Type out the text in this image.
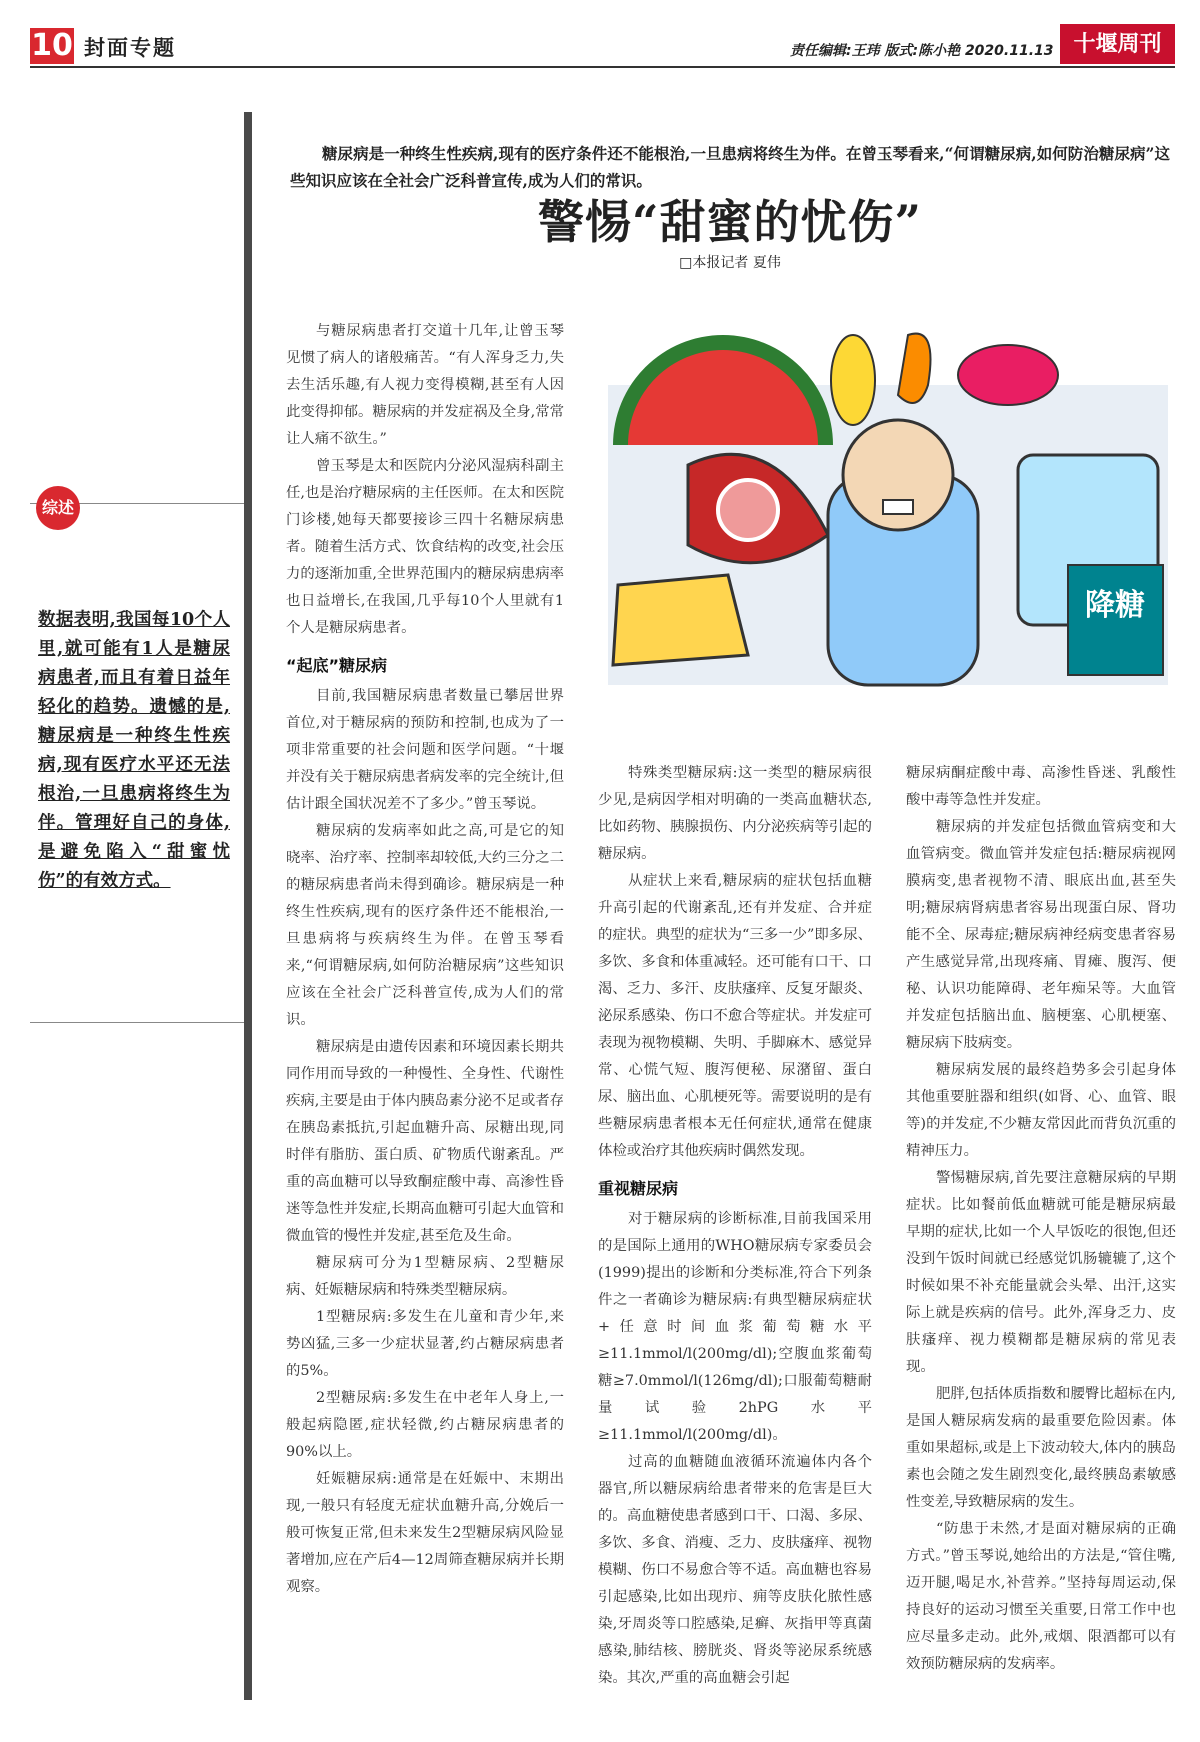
10 封面专题	责任编辑:王玮 版式:陈小艳 2020.11.13 十堰周刊
综述
数据表明,我国每10个人里,就可能有1人是糖尿病患者,而且有着日益年轻化的趋势。遗憾的是,糖尿病是一种终生性疾病,现有医疗水平还无法根治,一旦患病将终生为伴。管理好自己的身体,是避免陷入“甜蜜忧伤”的有效方式。
糖尿病是一种终生性疾病,现有的医疗条件还不能根治,一旦患病将终生为伴。在曾玉琴看来,“何谓糖尿病,如何防治糖尿病”这些知识应该在全社会广泛科普宣传,成为人们的常识。
警惕“甜蜜的忧伤”
□本报记者 夏伟
降糖

与糖尿病患者打交道十几年,让曾玉琴见惯了病人的诸般痛苦。“有人浑身乏力,失去生活乐趣,有人视力变得模糊,甚至有人因此变得抑郁。糖尿病的并发症祸及全身,常常让人痛不欲生。”

曾玉琴是太和医院内分泌风湿病科副主任,也是治疗糖尿病的主任医师。在太和医院门诊楼,她每天都要接诊三四十名糖尿病患者。随着生活方式、饮食结构的改变,社会压力的逐渐加重,全世界范围内的糖尿病患病率也日益增长,在我国,几乎每10个人里就有1个人是糖尿病患者。

“起底”糖尿病

目前,我国糖尿病患者数量已攀居世界首位,对于糖尿病的预防和控制,也成为了一项非常重要的社会问题和医学问题。“十堰并没有关于糖尿病患者病发率的完全统计,但估计跟全国状况差不了多少。”曾玉琴说。

糖尿病的发病率如此之高,可是它的知晓率、治疗率、控制率却较低,大约三分之二的糖尿病患者尚未得到确诊。糖尿病是一种终生性疾病,现有的医疗条件还不能根治,一旦患病将与疾病终生为伴。在曾玉琴看来,“何谓糖尿病,如何防治糖尿病”这些知识应该在全社会广泛科普宣传,成为人们的常识。

糖尿病是由遗传因素和环境因素长期共同作用而导致的一种慢性、全身性、代谢性疾病,主要是由于体内胰岛素分泌不足或者存在胰岛素抵抗,引起血糖升高、尿糖出现,同时伴有脂肪、蛋白质、矿物质代谢紊乱。严重的高血糖可以导致酮症酸中毒、高渗性昏迷等急性并发症,长期高血糖可引起大血管和微血管的慢性并发症,甚至危及生命。

糖尿病可分为1型糖尿病、2型糖尿病、妊娠糖尿病和特殊类型糖尿病。

1型糖尿病:多发生在儿童和青少年,来势凶猛,三多一少症状显著,约占糖尿病患者的5%。

2型糖尿病:多发生在中老年人身上,一般起病隐匿,症状轻微,约占糖尿病患者的90%以上。

妊娠糖尿病:通常是在妊娠中、末期出现,一般只有轻度无症状血糖升高,分娩后一般可恢复正常,但未来发生2型糖尿病风险显著增加,应在产后4—12周筛查糖尿病并长期观察。

特殊类型糖尿病:这一类型的糖尿病很少见,是病因学相对明确的一类高血糖状态,比如药物、胰腺损伤、内分泌疾病等引起的糖尿病。

从症状上来看,糖尿病的症状包括血糖升高引起的代谢紊乱,还有并发症、合并症的症状。典型的症状为“三多一少”即多尿、多饮、多食和体重减轻。还可能有口干、口渴、乏力、多汗、皮肤瘙痒、反复牙龈炎、泌尿系感染、伤口不愈合等症状。并发症可表现为视物模糊、失明、手脚麻木、感觉异常、心慌气短、腹泻便秘、尿潴留、蛋白尿、脑出血、心肌梗死等。需要说明的是有些糖尿病患者根本无任何症状,通常在健康体检或治疗其他疾病时偶然发现。

重视糖尿病

对于糖尿病的诊断标准,目前我国采用的是国际上通用的WHO糖尿病专家委员会(1999)提出的诊断和分类标准,符合下列条件之一者确诊为糖尿病:有典型糖尿病症状+任意时间血浆葡萄糖水平≥11.1mmol/l(200mg/dl);空腹血浆葡萄糖≥7.0mmol/l(126mg/dl);口服葡萄糖耐量试验2hPG水平≥11.1mmol/l(200mg/dl)。

过高的血糖随血液循环流遍体内各个器官,所以糖尿病给患者带来的危害是巨大的。高血糖使患者感到口干、口渴、多尿、多饮、多食、消瘦、乏力、皮肤瘙痒、视物模糊、伤口不易愈合等不适。高血糖也容易引起感染,比如出现疖、痈等皮肤化脓性感染,牙周炎等口腔感染,足癣、灰指甲等真菌感染,肺结核、膀胱炎、肾炎等泌尿系统感染。其次,严重的高血糖会引起

糖尿病酮症酸中毒、高渗性昏迷、乳酸性酸中毒等急性并发症。

糖尿病的并发症包括微血管病变和大血管病变。微血管并发症包括:糖尿病视网膜病变,患者视物不清、眼底出血,甚至失明;糖尿病肾病患者容易出现蛋白尿、肾功能不全、尿毒症;糖尿病神经病变患者容易产生感觉异常,出现疼痛、胃瘫、腹泻、便秘、认识功能障碍、老年痴呆等。大血管并发症包括脑出血、脑梗塞、心肌梗塞、糖尿病下肢病变。

糖尿病发展的最终趋势多会引起身体其他重要脏器和组织(如肾、心、血管、眼等)的并发症,不少糖友常因此而背负沉重的精神压力。

警惕糖尿病,首先要注意糖尿病的早期症状。比如餐前低血糖就可能是糖尿病最早期的症状,比如一个人早饭吃的很饱,但还没到午饭时间就已经感觉饥肠辘辘了,这个时候如果不补充能量就会头晕、出汗,这实际上就是疾病的信号。此外,浑身乏力、皮肤瘙痒、视力模糊都是糖尿病的常见表现。

肥胖,包括体质指数和腰臀比超标在内,是国人糖尿病发病的最重要危险因素。体重如果超标,或是上下波动较大,体内的胰岛素也会随之发生剧烈变化,最终胰岛素敏感性变差,导致糖尿病的发生。

“防患于未然,才是面对糖尿病的正确方式。”曾玉琴说,她给出的方法是,“管住嘴,迈开腿,喝足水,补营养。”坚持每周运动,保持良好的运动习惯至关重要,日常工作中也应尽量多走动。此外,戒烟、限酒都可以有效预防糖尿病的发病率。
